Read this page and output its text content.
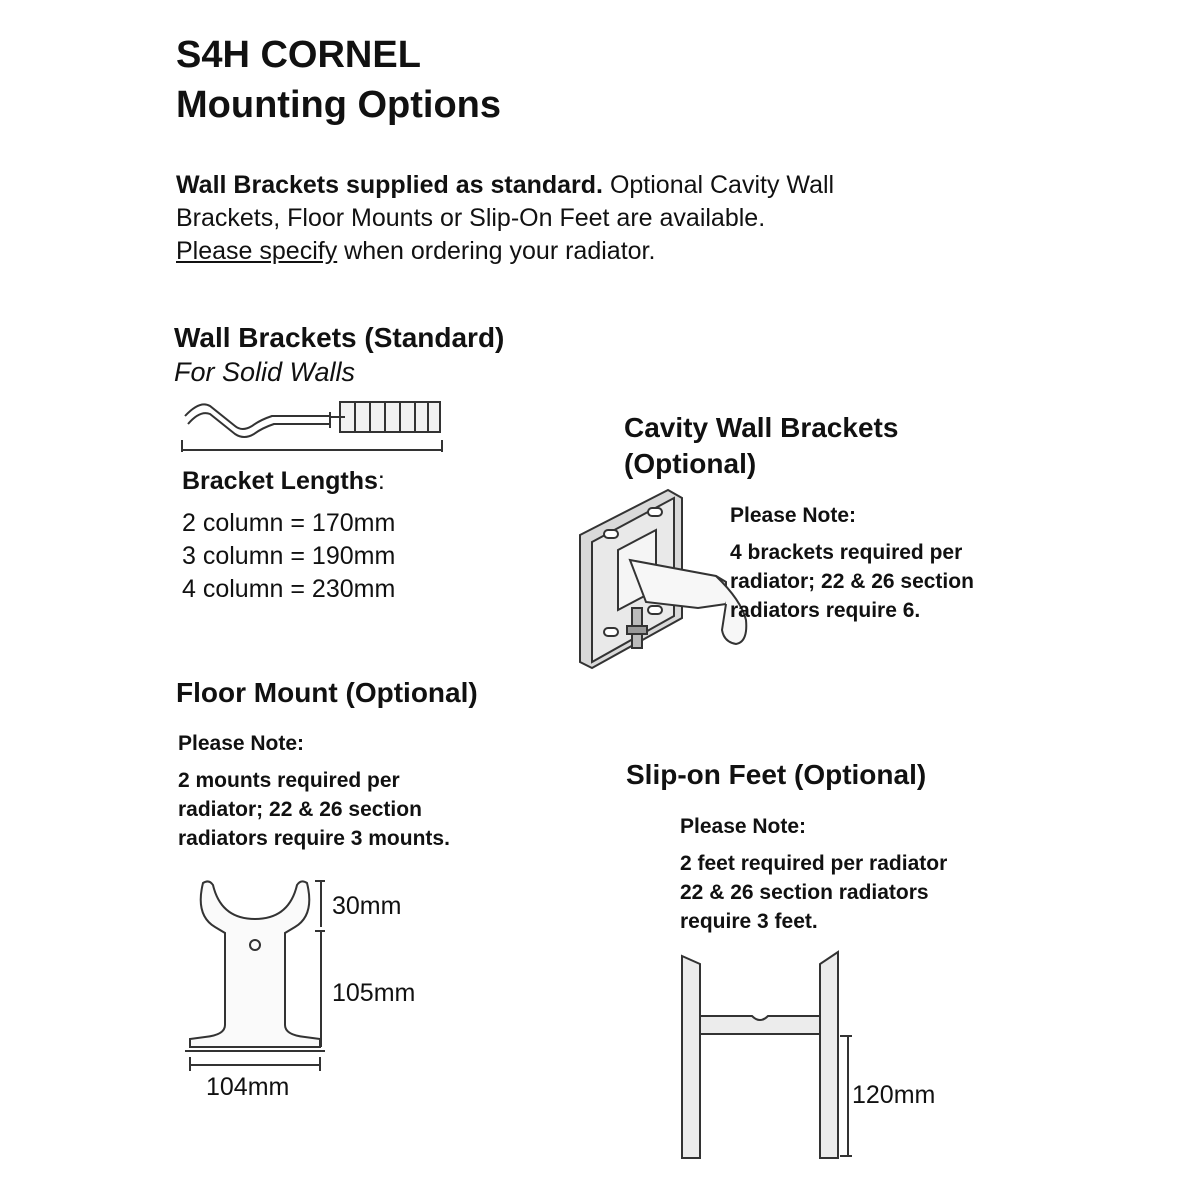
S4H CORNEL
Mounting Options
Wall Brackets supplied as standard. Optional Cavity Wall
Brackets, Floor Mounts or Slip-On Feet are available.
Please specify when ordering your radiator.
Wall Brackets (Standard)
For Solid Walls
Bracket Lengths:
2 column = 170mm
3 column = 190mm
4 column = 230mm
Cavity Wall Brackets
(Optional)
Please Note:
4 brackets required per
radiator; 22 & 26 section
radiators require 6.
Floor Mount (Optional)
Please Note:
2 mounts required per
radiator; 22 & 26 section
radiators require 3 mounts.
30mm
105mm
104mm
Slip-on Feet (Optional)
Please Note:
2 feet required per radiator
22 & 26 section radiators
require 3 feet.
120mm
